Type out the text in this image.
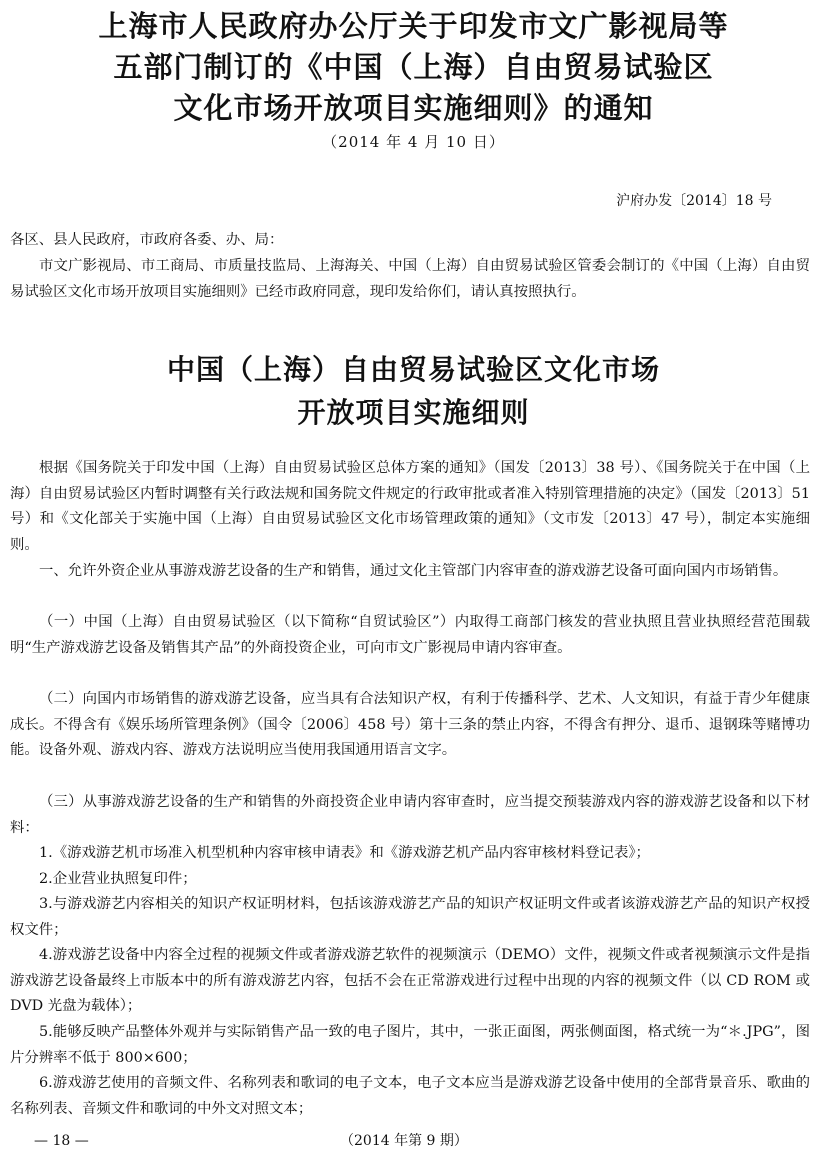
上海市人民政府办公厅关于印发市文广影视局等
五部门制订的《中国（上海）自由贸易试验区
文化市场开放项目实施细则》的通知
（2014 年 4 月 10 日）
沪府办发〔2014〕18 号
各区、县人民政府，市政府各委、办、局：
市文广影视局、市工商局、市质量技监局、上海海关、中国（上海）自由贸易试验区管委会制订的《中国（上海）自由贸易试验区文化市场开放项目实施细则》已经市政府同意，现印发给你们，请认真按照执行。
中国（上海）自由贸易试验区文化市场
开放项目实施细则
根据《国务院关于印发中国（上海）自由贸易试验区总体方案的通知》（国发〔2013〕38 号）、《国务院关于在中国（上海）自由贸易试验区内暂时调整有关行政法规和国务院文件规定的行政审批或者准入特别管理措施的决定》（国发〔2013〕51 号）和《文化部关于实施中国（上海）自由贸易试验区文化市场管理政策的通知》（文市发〔2013〕47 号），制定本实施细则。
一、允许外资企业从事游戏游艺设备的生产和销售，通过文化主管部门内容审查的游戏游艺设备可面向国内市场销售。
（一）中国（上海）自由贸易试验区（以下简称“自贸试验区”）内取得工商部门核发的营业执照且营业执照经营范围载明“生产游戏游艺设备及销售其产品”的外商投资企业，可向市文广影视局申请内容审查。
（二）向国内市场销售的游戏游艺设备，应当具有合法知识产权，有利于传播科学、艺术、人文知识，有益于青少年健康成长。不得含有《娱乐场所管理条例》（国令〔2006〕458 号）第十三条的禁止内容，不得含有押分、退币、退钢珠等赌博功能。设备外观、游戏内容、游戏方法说明应当使用我国通用语言文字。
（三）从事游戏游艺设备的生产和销售的外商投资企业申请内容审查时，应当提交预装游戏内容的游戏游艺设备和以下材料：
1.《游戏游艺机市场准入机型机种内容审核申请表》和《游戏游艺机产品内容审核材料登记表》；
2.企业营业执照复印件；
3.与游戏游艺内容相关的知识产权证明材料，包括该游戏游艺产品的知识产权证明文件或者该游戏游艺产品的知识产权授权文件；
4.游戏游艺设备中内容全过程的视频文件或者游戏游艺软件的视频演示（DEMO）文件，视频文件或者视频演示文件是指游戏游艺设备最终上市版本中的所有游戏游艺内容，包括不会在正常游戏进行过程中出现的内容的视频文件（以 CD ROM 或 DVD 光盘为载体）；
5.能够反映产品整体外观并与实际销售产品一致的电子图片，其中，一张正面图，两张侧面图，格式统一为“＊.JPG”，图片分辨率不低于 800×600；
6.游戏游艺使用的音频文件、名称列表和歌词的电子文本，电子文本应当是游戏游艺设备中使用的全部背景音乐、歌曲的名称列表、音频文件和歌词的中外文对照文本；
— 18 —	（2014 年第 9 期）
